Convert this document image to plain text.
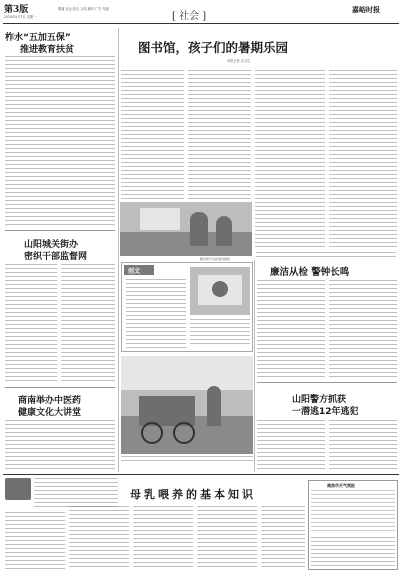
第3版
2016年8月1日 星期一
要闻 社会 综合 文体 副刊 广告 专版
[ 社会 ]
嘉峪时报
柞水“五加五保”
推进教育扶贫	图书馆，孩子们的暑期乐园
本报记者 实习生
图为孩子们在馆内阅读
山阳城关街办
密织干部监督网
创文	廉洁从检 警钟长鸣
商南举办中医药
健康文化大讲堂
山阳警方抓获
一潜逃12年逃犯
母乳喂养的基本知识
商洛市天气预报
